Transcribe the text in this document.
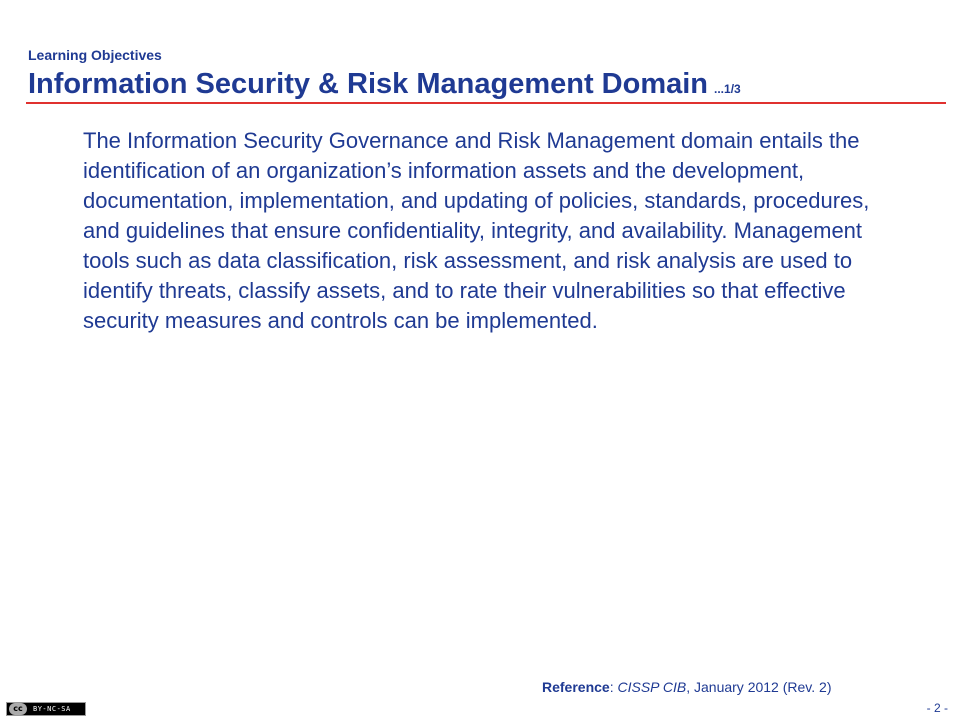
Learning Objectives
Information Security & Risk Management Domain ...1/3

The Information Security Governance and Risk Management domain entails the identification of an organization’s information assets and the development, documentation, implementation, and updating of policies, standards, procedures, and guidelines that ensure confidentiality, integrity, and availability. Management tools such as data classification, risk assessment, and risk analysis are used to identify threats, classify assets, and to rate their vulnerabilities so that effective security measures and controls can be implemented.

Reference: CISSP CIB, January 2012 (Rev. 2)
cc	BY-NC-SA	- 2 -
